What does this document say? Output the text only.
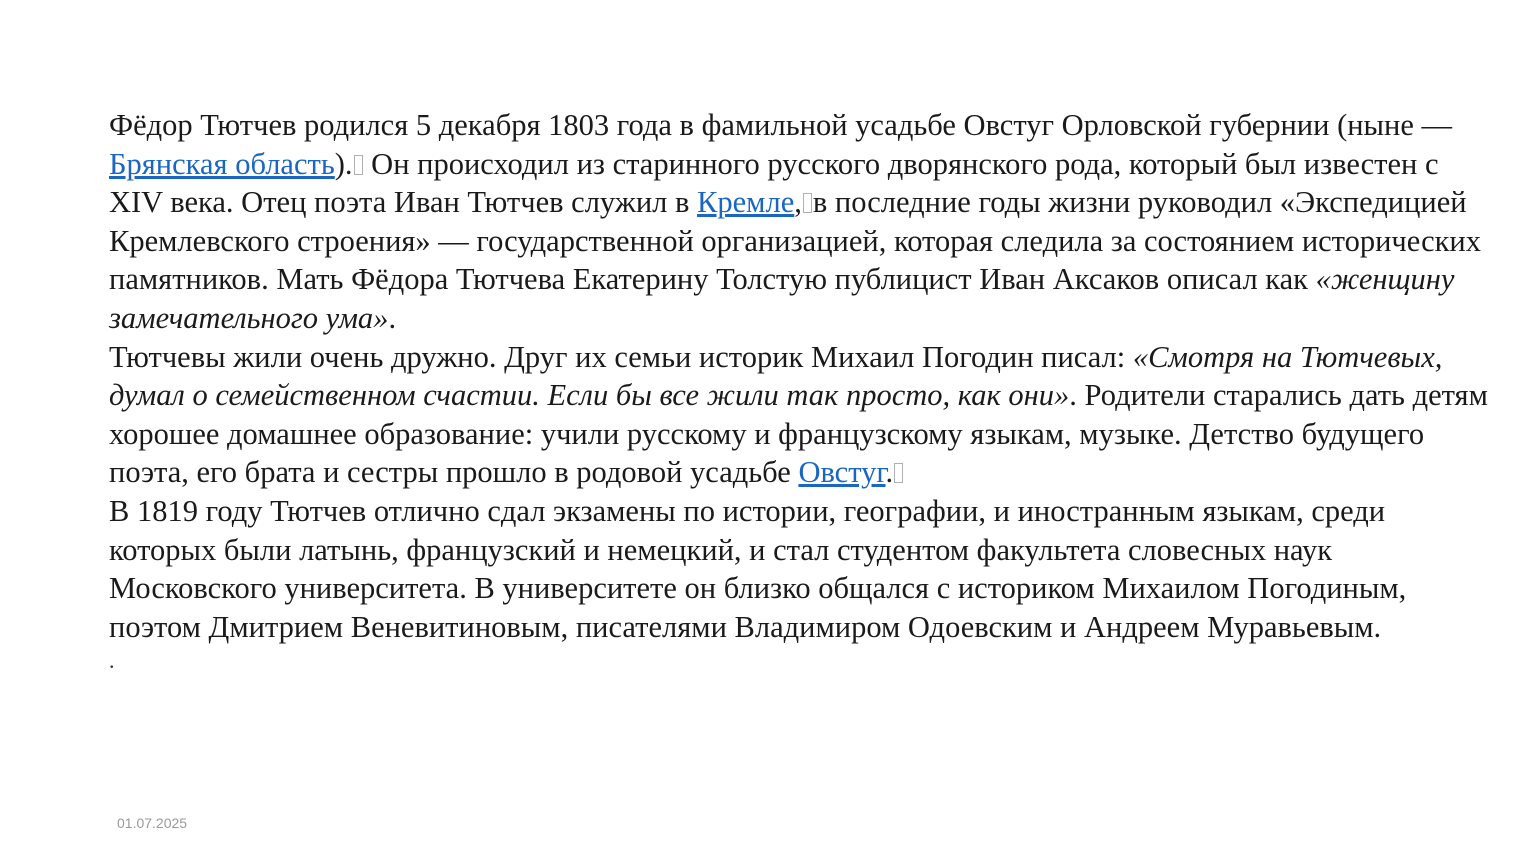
Фёдор Тютчев родился 5 декабря 1803 года в фамильной усадьбе Овстуг Орловской губернии (ныне — Брянская область). Он происходил из старинного русского дворянского рода, который был известен с XIV века. Отец поэта Иван Тютчев служил в Кремле, в последние годы жизни руководил «Экспедицией Кремлевского строения» — государственной организацией, которая следила за состоянием исторических памятников. Мать Фёдора Тютчева Екатерину Толстую публицист Иван Аксаков описал как «женщину замечательного ума».

Тютчевы жили очень дружно. Друг их семьи историк Михаил Погодин писал: «Смотря на Тютчевых, думал о семейственном счастии. Если бы все жили так просто, как они». Родители старались дать детям хорошее домашнее образование: учили русскому и французскому языкам, музыке. Детство будущего поэта, его брата и сестры прошло в родовой усадьбе Овстуг.

В 1819 году Тютчев отлично сдал экзамены по истории, географии, и иностранным языкам, среди которых были латынь, французский и немецкий, и стал студентом факультета словесных наук Московского университета. В университете он близко общался с историком Михаилом Погодиным, поэтом Дмитрием Веневитиновым, писателями Владимиром Одоевским и Андреем Муравьевым.

.

01.07.2025
